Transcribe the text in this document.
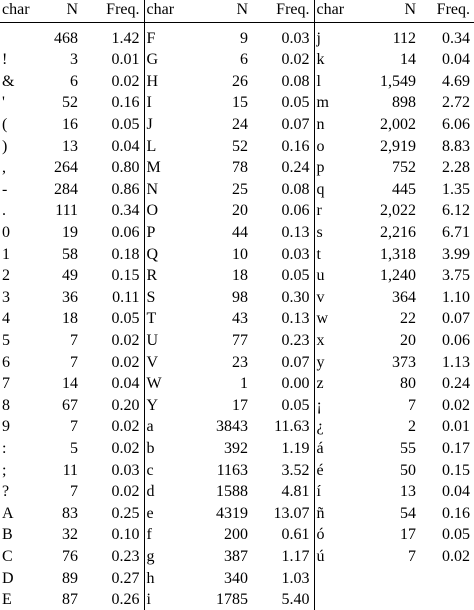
char	N	Freq.	char	N	Freq.	char	N	Freq.
	468	1.42	F	9	0.03	j	112	0.34
!	3	0.01	G	6	0.02	k	14	0.04
&	6	0.02	H	26	0.08	l	1,549	4.69
'	52	0.16	I	15	0.05	m	898	2.72
(	16	0.05	J	24	0.07	n	2,002	6.06
)	13	0.04	L	52	0.16	o	2,919	8.83
,	264	0.80	M	78	0.24	p	752	2.28
-	284	0.86	N	25	0.08	q	445	1.35
.	111	0.34	O	20	0.06	r	2,022	6.12
0	19	0.06	P	44	0.13	s	2,216	6.71
1	58	0.18	Q	10	0.03	t	1,318	3.99
2	49	0.15	R	18	0.05	u	1,240	3.75
3	36	0.11	S	98	0.30	v	364	1.10
4	18	0.05	T	43	0.13	w	22	0.07
5	7	0.02	U	77	0.23	x	20	0.06
6	7	0.02	V	23	0.07	y	373	1.13
7	14	0.04	W	1	0.00	z	80	0.24
8	67	0.20	Y	17	0.05	¡	7	0.02
9	7	0.02	a	3843	11.63	¿	2	0.01
:	5	0.02	b	392	1.19	á	55	0.17
;	11	0.03	c	1163	3.52	é	50	0.15
?	7	0.02	d	1588	4.81	í	13	0.04
A	83	0.25	e	4319	13.07	ñ	54	0.16
B	32	0.10	f	200	0.61	ó	17	0.05
C	76	0.23	g	387	1.17	ú	7	0.02
D	89	0.27	h	340	1.03			
E	87	0.26	i	1785	5.40			
